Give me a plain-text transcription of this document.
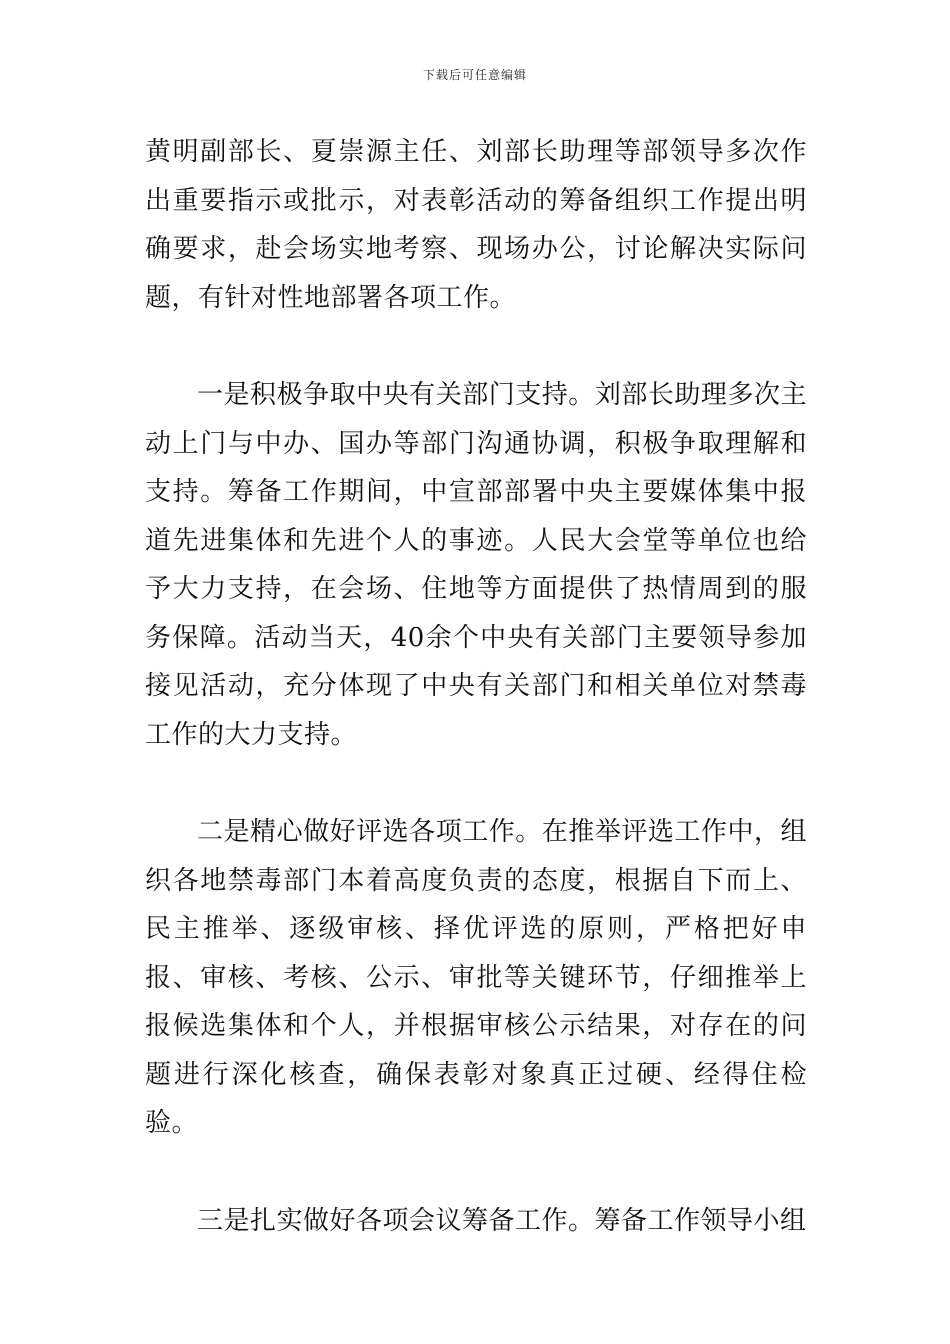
下载后可任意编辑

黄明副部长、夏崇源主任、刘部长助理等部领导多次作出重要指示或批示，对表彰活动的筹备组织工作提出明确要求，赴会场实地考察、现场办公，讨论解决实际问题，有针对性地部署各项工作。

一是积极争取中央有关部门支持。刘部长助理多次主动上门与中办、国办等部门沟通协调，积极争取理解和支持。筹备工作期间，中宣部部署中央主要媒体集中报道先进集体和先进个人的事迹。人民大会堂等单位也给予大力支持，在会场、住地等方面提供了热情周到的服务保障。活动当天，40余个中央有关部门主要领导参加接见活动，充分体现了中央有关部门和相关单位对禁毒工作的大力支持。

二是精心做好评选各项工作。在推举评选工作中，组织各地禁毒部门本着高度负责的态度，根据自下而上、民主推举、逐级审核、择优评选的原则，严格把好申报、审核、考核、公示、审批等关键环节，仔细推举上报候选集体和个人，并根据审核公示结果，对存在的问题进行深化核查，确保表彰对象真正过硬、经得住检验。

三是扎实做好各项会议筹备工作。筹备工作领导小组
